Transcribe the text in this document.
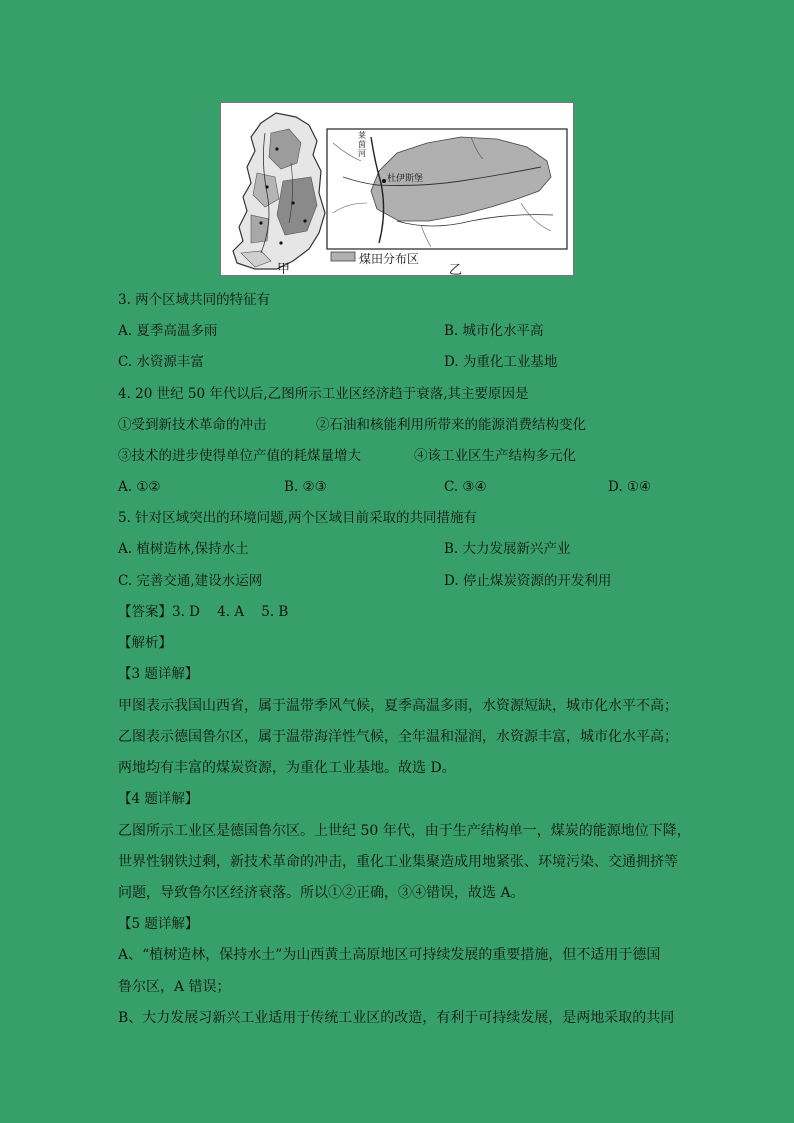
莱
茵
河
杜伊斯堡
煤田分布区
甲	乙
3. 两个区域共同的特征有
A. 夏季高温多雨	B. 城市化水平高
C. 水资源丰富	D. 为重化工业基地
4. 20 世纪 50 年代以后,乙图所示工业区经济趋于衰落,其主要原因是
①受到新技术革命的冲击	②石油和核能利用所带来的能源消费结构变化
③技术的进步使得单位产值的耗煤量增大	④该工业区生产结构多元化
A. ①②	B. ②③	C. ③④	D. ①④
5. 针对区域突出的环境问题,两个区域目前采取的共同措施有
A. 植树造林,保持水土	B. 大力发展新兴产业
C. 完善交通,建设水运网	D. 停止煤炭资源的开发利用
【答案】3. D    4. A    5. B
【解析】
【3 题详解】
甲图表示我国山西省，属于温带季风气候，夏季高温多雨，水资源短缺，城市化水平不高；
乙图表示德国鲁尔区，属于温带海洋性气候，全年温和湿润，水资源丰富，城市化水平高；
两地均有丰富的煤炭资源，为重化工业基地。故选 D。
【4 题详解】
乙图所示工业区是德国鲁尔区。上世纪 50 年代，由于生产结构单一，煤炭的能源地位下降，
世界性钢铁过剩，新技术革命的冲击，重化工业集聚造成用地紧张、环境污染、交通拥挤等
问题，导致鲁尔区经济衰落。所以①②正确，③④错误，故选 A。
【5 题详解】
A、“植树造林，保持水土”为山西黄土高原地区可持续发展的重要措施，但不适用于德国
鲁尔区，A 错误；
B、大力发展习新兴工业适用于传统工业区的改造，有利于可持续发展，是两地采取的共同
